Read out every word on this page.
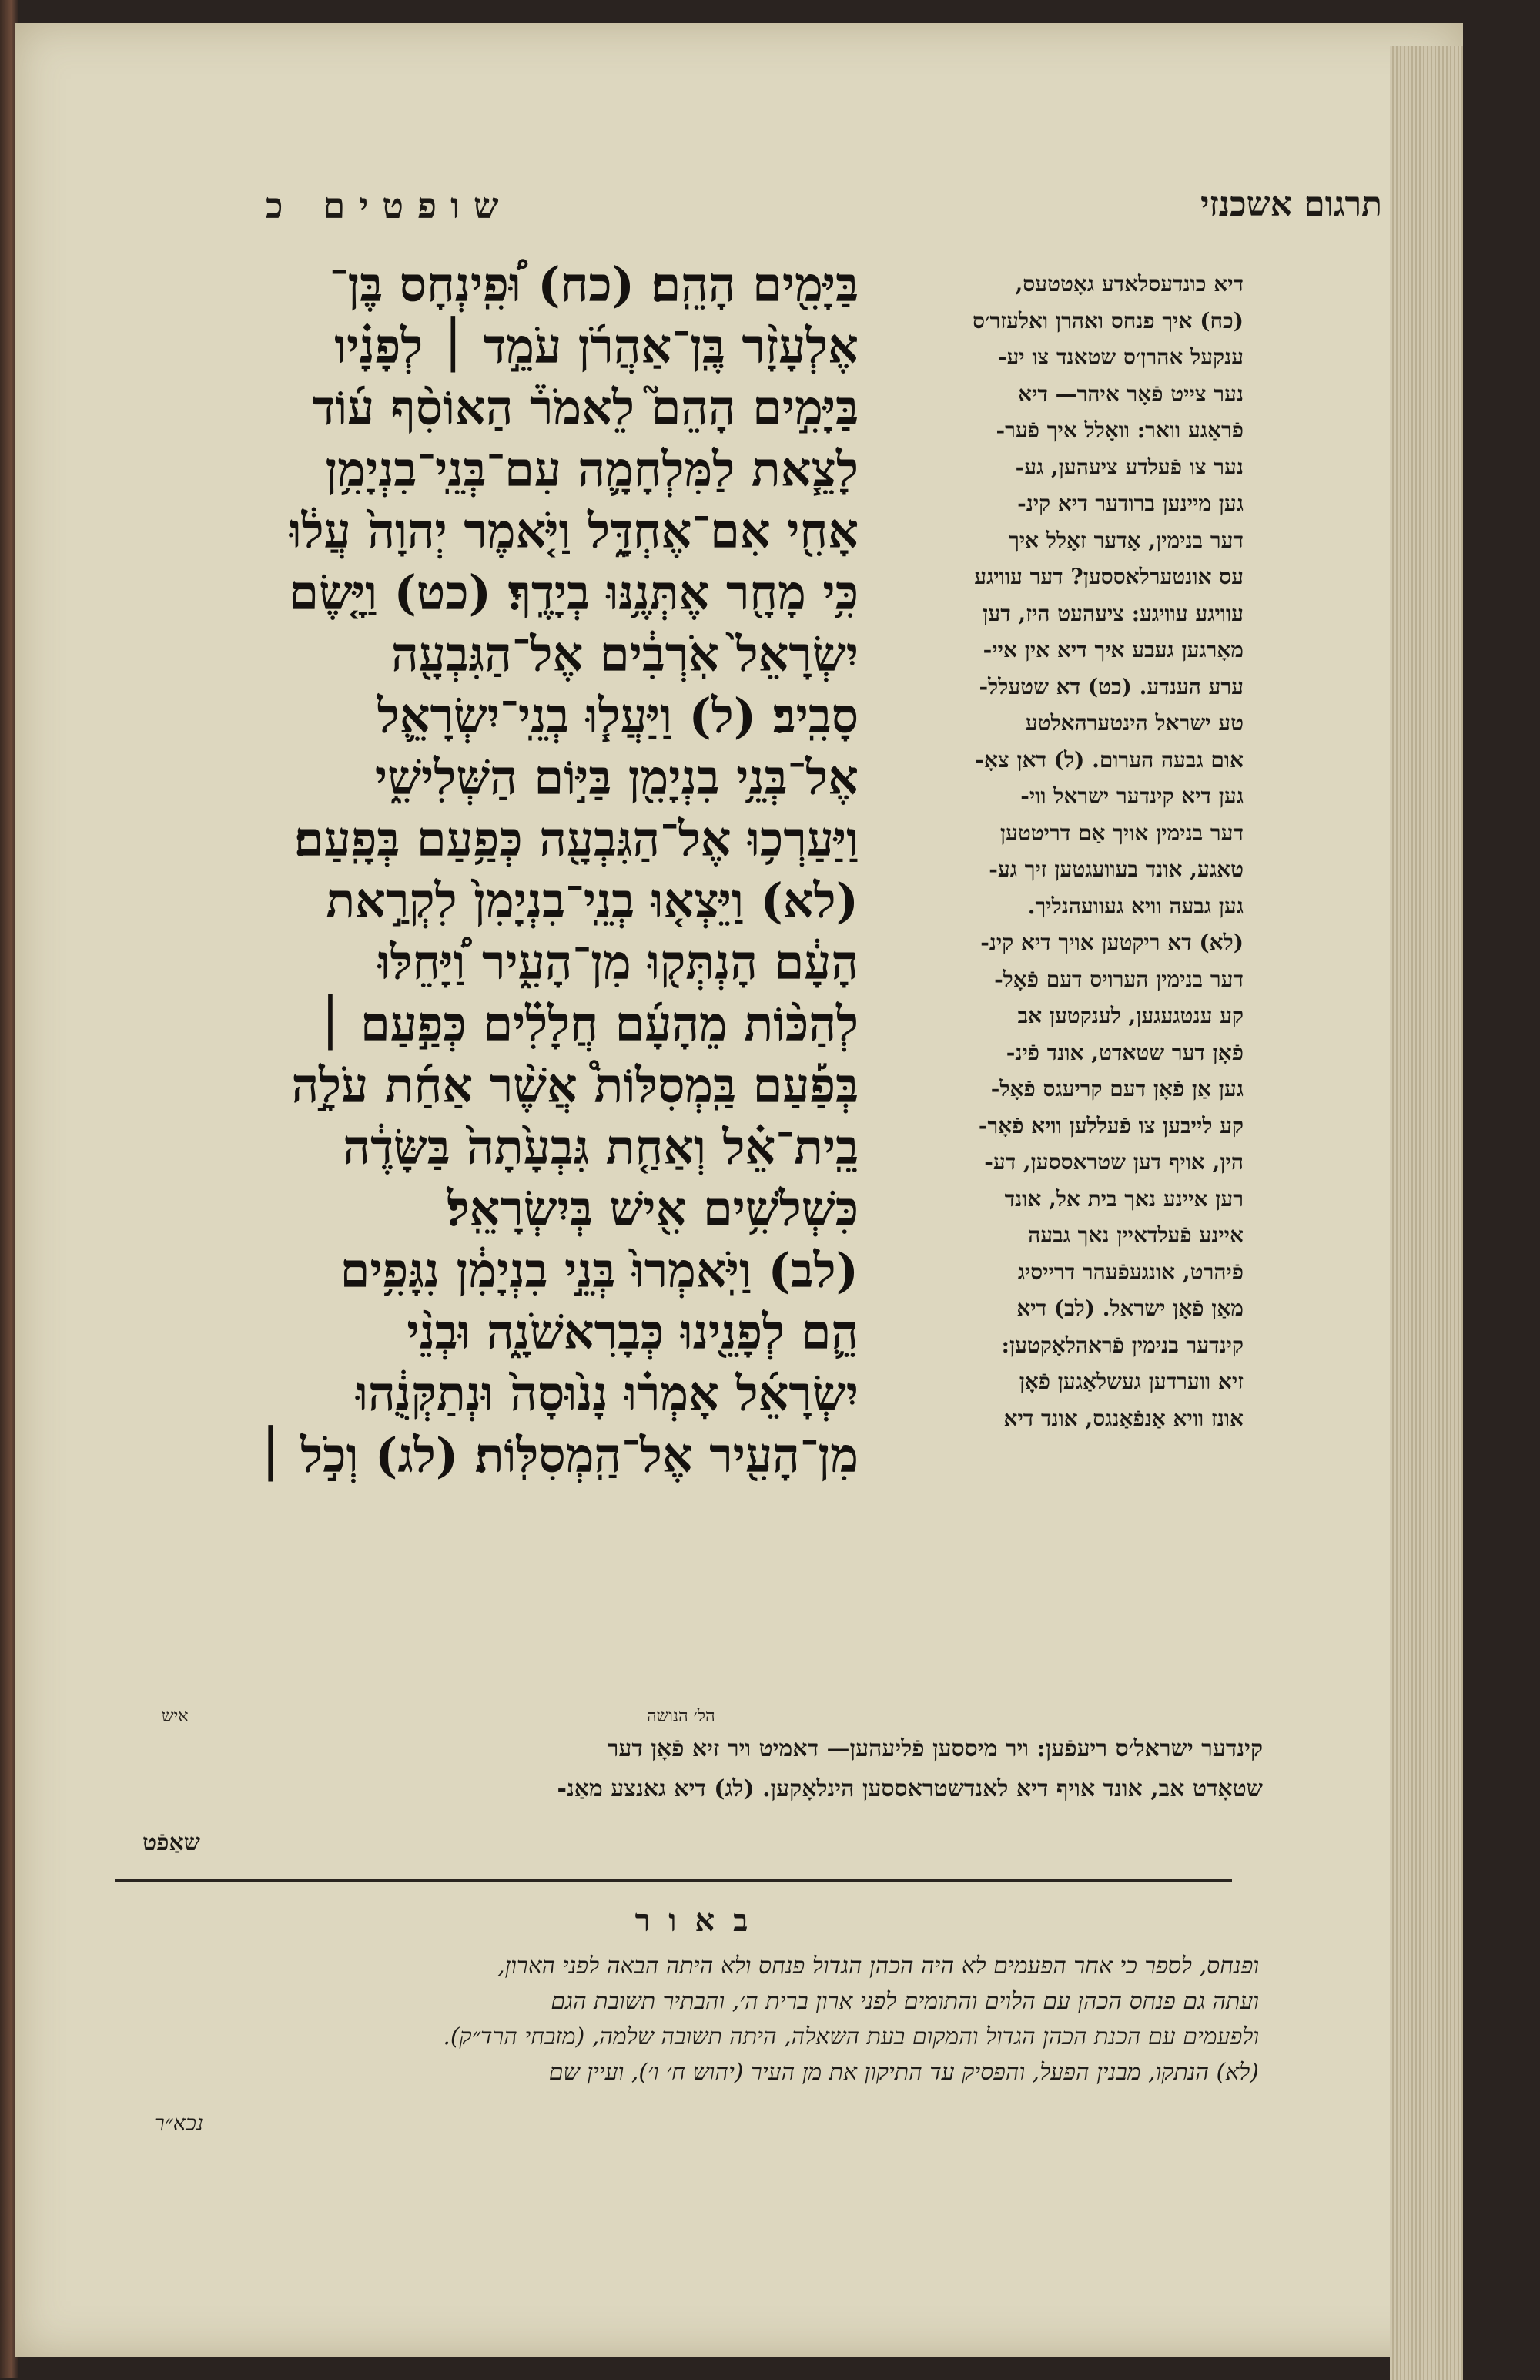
שופטים כ	תרגום אשכנזי
בַּיָּמִ֖ים הָהֵֽם׃ (כח) וּ֠פִֽינְחָס בֶּן־
אֶלְעָזָ֨ר בֶּֽן־אַהֲרֹ֜ן עֹמֵ֣ד ׀ לְפָנָ֗יו
בַּיָּמִ֣ים הָהֵם֮ לֵאמֹר֒ הַאוֹסִ֨ף ע֜וֹד
לָצֵ֧את לַמִּלְחָמָ֛ה עִם־בְּנֵֽי־בִנְיָמִ֥ן
אָחִ֖י אִם־אֶחְדָּ֑ל וַיֹּ֤אמֶר יְהוָה֙ עֲל֔וּ
כִּ֥י מָחָ֖ר אֶתְּנֶ֥נּוּ בְיָדֶֽךָ׃ (כט) וַיָּ֤שֶׂם
יִשְׂרָאֵל֙ אֹֽרְבִ֔ים אֶל־הַגִּבְעָ֖ה
סָבִֽיב׃ (ל) וַיַּעֲל֧וּ בְנֵֽי־יִשְׂרָאֵ֛ל
אֶל־בְּנֵ֥י בִנְיָמִ֖ן בַּיּ֣וֹם הַשְּׁלִישִׁ֑י
וַיַּעַרְכ֥וּ אֶל־הַגִּבְעָ֖ה כְּפַ֥עַם בְּפָֽעַם׃
(לא) וַיֵּצְא֤וּ בְנֵֽי־בִנְיָמִן֙ לִקְרַ֣את
הָעָ֔ם הָנְתְּק֖וּ מִן־הָעִ֑יר וַ֠יָּחֵלּוּ
לְהַכּ֨וֹת מֵהָעָ֜ם חֲלָלִ֗ים כְּפַ֣עַם ׀
בְּפַ֡עַם בַּֽמְסִלּוֹת֩ אֲשֶׁ֨ר אַחַ֜ת עֹלָ֣ה
בֵֽית־אֵ֗ל וְאַחַ֤ת גִּבְעָ֙תָה֙ בַּשָּׂדֶ֔ה
כִּשְׁלֹשִׁ֥ים אִ֖ישׁ בְּיִשְׂרָאֵֽל׃
(לב) וַיֹּֽאמְרוּ֙ בְּנֵ֣י בִנְיָמִ֔ן נִגָּפִ֥ים
הֵ֛ם לְפָנֵ֖ינוּ כְּבָרִאשֹׁנָ֑ה וּבְנֵ֨י
יִשְׂרָאֵ֜ל אָמְר֗וּ נָנ֙וּסָה֙ וּנְתַקְּנֻ֔הוּ
מִן־הָעִ֖יר אֶל־הַֽמְסִלּֽוֹת׃ (לג) וְכֹ֣ל ׀
דיא כונדעסלאדע גאָטטעס,
(כח) איך פנחס ואהרן ואלעזר׳ס
ענקעל אהרן׳ס שטאנד צו יע-
נער צייט פֿאָר איהר— דיא
פֿראַגע וואר: וואָלל איך פֿער-
נער צו פֿעלדע ציעהען, גע-
גען מיינען ברודער דיא קינ-
דער בנימין, אָדער זאָלל איך
עס אונטערלאססען? דער עוויגע
עוויגע עוויגע: ציעהעט היז, דען
מאָרגען געבע איך דיא אין איי-
ערע הענדע. (כט) דא שטעלל-
טע ישראל הינטערהאלטע
אום גבעה הערום. (ל) דאן צאָ-
גען דיא קינדער ישראל ווי-
דער בנימין אויך אַם דריטטען
טאגע, אונד בעוועגטען זיך גע-
גען גבעה וויא געוועהנליך.
(לא) דא ריקטען אויך דיא קינ-
דער בנימין הערויס דעם פֿאָל-
קע ענטגעגען, לענקטען אב
פֿאָן דער שטאדט, אונד פֿינ-
גען אַן פֿאָן דעם קריעגס פֿאָל-
קע לייבען צו פֿעללען וויא פֿאָר-
הין, אויף דען שטראססען, דע-
רען איינע נאך בית אל, אונד
איינע פֿעלדאיין נאך גבעה
פֿיהרט, אונגעפֿעהר דרייסיג
מאַן פֿאָן ישראל. (לב) דיא
קינדער בנימין פֿראהלאָקטען:
זיא ווערדען געשלאַגען פֿאָן
אונז וויא אַנפֿאַנגס, אונד דיא
איש	הל׳ הנושה
קינדער ישראל׳ס ריעפֿען: ויר מיססען פֿליעהען— דאמיט ויר זיא פֿאָן דער
שטאָדט אב, אונד אויף דיא לאנדשטראססען הינלאָקען. (לג) דיא גאנצע מאַנ-
שאַפֿט
באור
ופנחס, לספר כי אחר הפעמים לא היה הכהן הגדול פנחס ולא היתה הבאה לפני הארון,
ועתה גם פנחס הכהן עם הלוים והתומים לפני ארון ברית ה׳, והבתיר תשובת הגם
ולפעמים עם הכנת הכהן הגדול והמקום בעת השאלה, היתה תשובה שלמה, (מזבחי הרד״ק).
(לא) הנתקו, מבנין הפעל, והפסיק עד התיקון את מן העיר (יהוש ח׳ ו׳), ועיין שם
נכא״ר
